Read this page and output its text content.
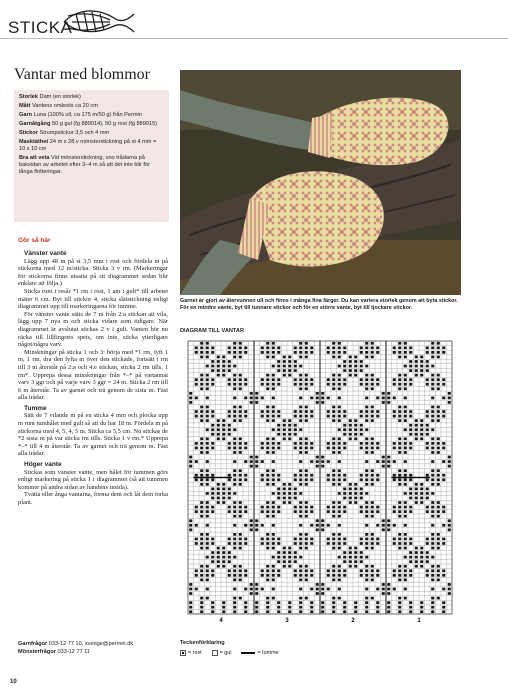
STICKA
Vantar med blommor

Storlek Dam (en storlek)

Mått Vantens omkrets ca 20 cm

Garn Luna (100% ull, ca 175 m/50 g) från Permin

Garnåtgång 50 g gul (fg 889014), 50 g rost (fg 889015)

Stickor Strumpstickor 3,5 och 4 mm

Masktäthet 24 m x 28 v mönsterstickning på st 4 mm = 10 x 10 cm

Bra att veta Vid mönsterstickning, sno trådarna på baksidan av arbetet efter 3–4 m så att det inte blir för långa flotteringar.

Gör så här

Vänster vante

Lägg upp 48 m på st 3,5 mm i rost och fördela m på stickorna med 12 m/sticka. Sticka 3 v rm. (Markeringar för stickorna finns utsatta på stt diagrammet sedan blir enklare att följa.)

Sticka runt i resår *1 rm i rost, 1 am i gult* till arbetet mäter 6 cm. Byt till stickor 4, sticka slätstickning enligt diagrammet upp till markeringarna för tumme.

För vänster vante sätts de 7 m från 2:a stickan att vila, lägg upp 7 nya m och sticka vidare som tidigare. När diagrammet är avslutat stickas 2 v i gult. Vanten bör nu räcka till lillfingrets spets, om inte, sticka ytterligare något/några varv.

Minskningar på sticka 1 och 3: börja med *1 rm, lyft 1 m, 1 rm, dra den lyfta m över den stickade, fortsätt i rm till 3 m återstår på 2:a och 4:e stickan, sticka 2 rm tills, 1 rm*. Upprepa dessa minskningar från *–* på vartannat varv 3 ggr och på varje varv 3 ggr = 24 m. Sticka 2 rm till 6 m återstår. Ta av garnet och trä genom de sista m. Fäst alla trådar.

Tumme

Sätt de 7 vilande m på en sticka 4 mm och plocka upp m runt tumhålet med gult så att du har 18 m. Fördela m på stickorna med 4, 5, 4, 5 m. Sticka ca 5,5 cm. Nu stickas de *2 sista m på var sticka rm tills. Sticka 1 v rm.* Upprepa *–* till 4 m återstår. Ta av garnet och trä genom m. Fäst alla trådar.

Höger vante

Stickas som vänster vante, men hålet för tummen görs enligt markering på sticka 1 i diagrammet (så att tummen kommer på andra sidan av handens insida).

Tvätta eller ånga vantarna, forma dem och låt dem torka plant.

Garnfrågor 033-12 77 10, sverige@permin.dk
Mönsterfrågor 033-12 77 11
10
Garnet är gjort av återvunnen ull och finns i många fina färger. Du kan variera storlek genom att byta stickor. För en mindre vante, byt till tunnare stickor och för en större vante, byt till tjockare stickor.
DIAGRAM TILL VANTAR
4	3	2	1
Teckenförklaring
= rost	= gul	= tumme
